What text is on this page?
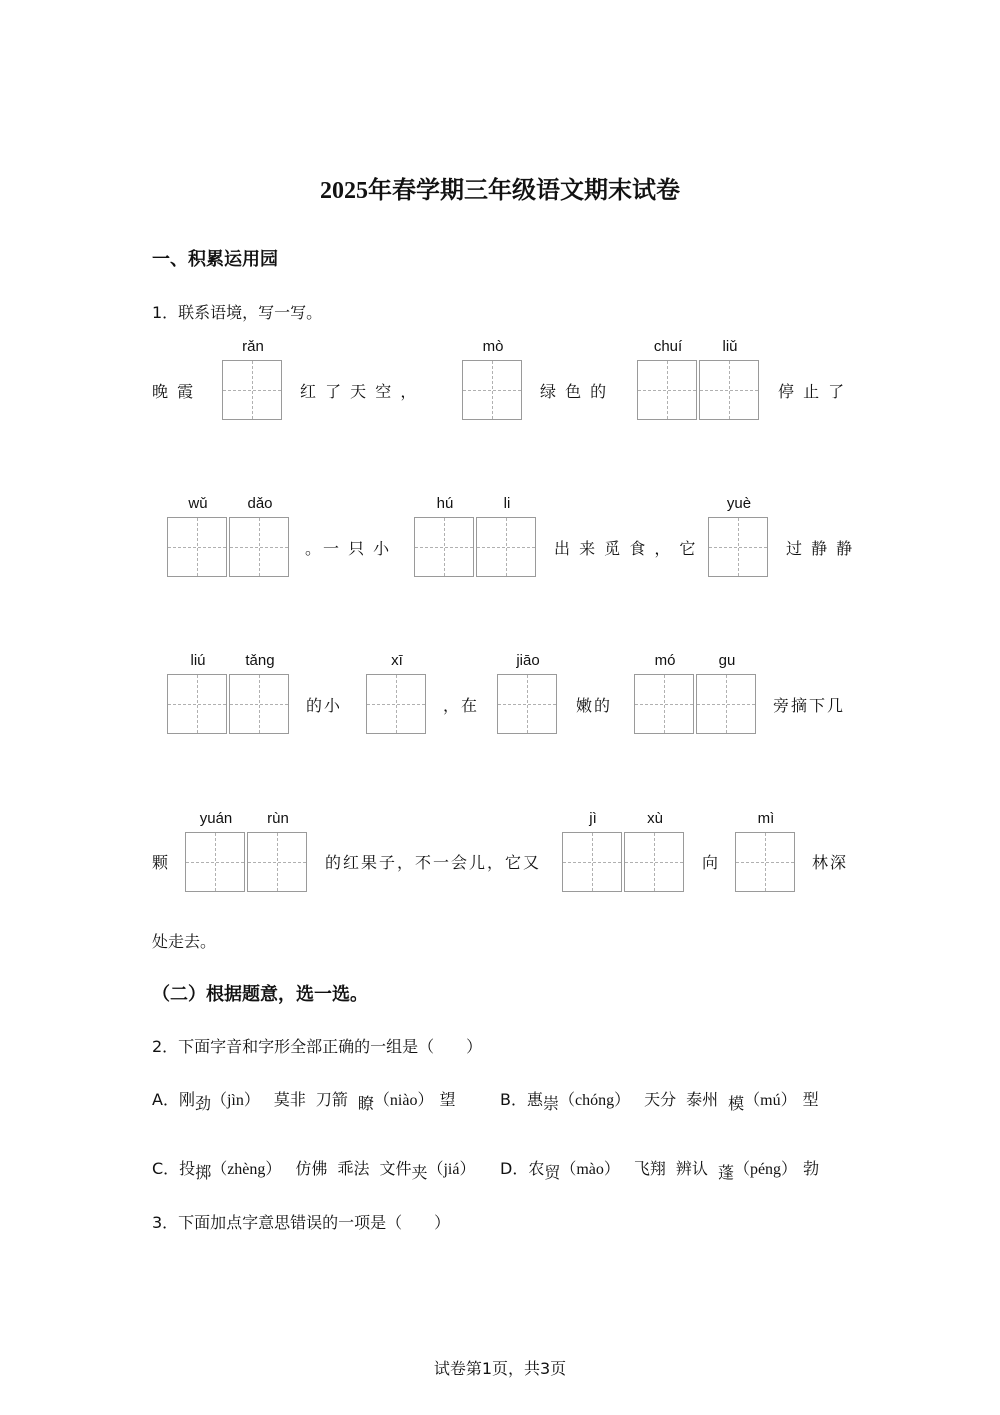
2025年春学期三年级语文期末试卷
一、积累运用园
1．联系语境，写一写。
晚 霞
rǎn
红 了 天 空 ，
mò
绿 色 的
chuí	liǔ
停 止 了
wǔ	dǎo
。一 只 小
hú	li
出 来 觅 食 ， 它
yuè
过 静 静
liú	tǎng
的小
xī
，在
jiāo
嫩的
mó	gu
旁摘下几
颗
yuán	rùn
的红果子，不一会儿，它又
jì	xù
向
mì
林深
处走去。
（二）根据题意，选一选。
2．下面字音和字形全部正确的一组是（　　）
A．刚劲（jìn） 莫非 刀箭 瞭（niào） 望	B．惠崇（chóng） 天分 泰州 模（mú） 型
C．投掷（zhèng） 仿佛 乖法 文件夹（jiá） D．农贸（mào） 飞翔 辨认 蓬（péng） 勃
3．下面加点字意思错误的一项是（　　）
试卷第1页，共3页
